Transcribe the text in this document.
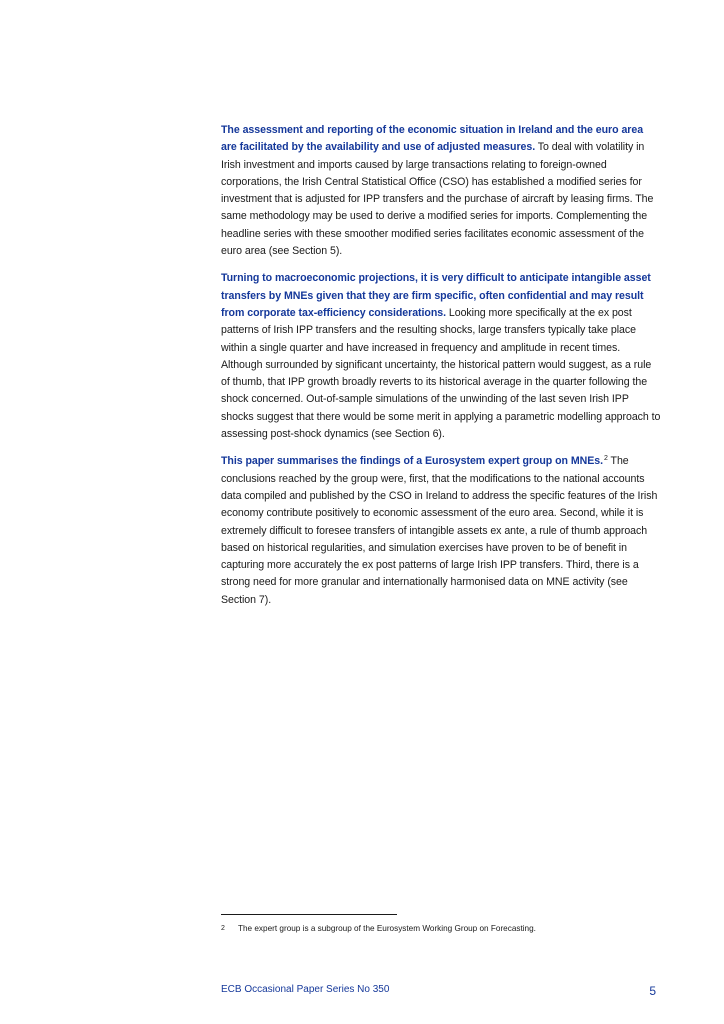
The assessment and reporting of the economic situation in Ireland and the euro area are facilitated by the availability and use of adjusted measures. To deal with volatility in Irish investment and imports caused by large transactions relating to foreign-owned corporations, the Irish Central Statistical Office (CSO) has established a modified series for investment that is adjusted for IPP transfers and the purchase of aircraft by leasing firms. The same methodology may be used to derive a modified series for imports. Complementing the headline series with these smoother modified series facilitates economic assessment of the euro area (see Section 5).

Turning to macroeconomic projections, it is very difficult to anticipate intangible asset transfers by MNEs given that they are firm specific, often confidential and may result from corporate tax-efficiency considerations. Looking more specifically at the ex post patterns of Irish IPP transfers and the resulting shocks, large transfers typically take place within a single quarter and have increased in frequency and amplitude in recent times. Although surrounded by significant uncertainty, the historical pattern would suggest, as a rule of thumb, that IPP growth broadly reverts to its historical average in the quarter following the shock concerned. Out-of-sample simulations of the unwinding of the last seven Irish IPP shocks suggest that there would be some merit in applying a parametric modelling approach to assessing post-shock dynamics (see Section 6).

This paper summarises the findings of a Eurosystem expert group on MNEs.$^2$ The conclusions reached by the group were, first, that the modifications to the national accounts data compiled and published by the CSO in Ireland to address the specific features of the Irish economy contribute positively to economic assessment of the euro area. Second, while it is extremely difficult to foresee transfers of intangible assets ex ante, a rule of thumb approach based on historical regularities, and simulation exercises have proven to be of benefit in capturing more accurately the ex post patterns of large Irish IPP transfers. Third, there is a strong need for more granular and internationally harmonised data on MNE activity (see Section 7).

2 The expert group is a subgroup of the Eurosystem Working Group on Forecasting.
ECB Occasional Paper Series No 350	5
